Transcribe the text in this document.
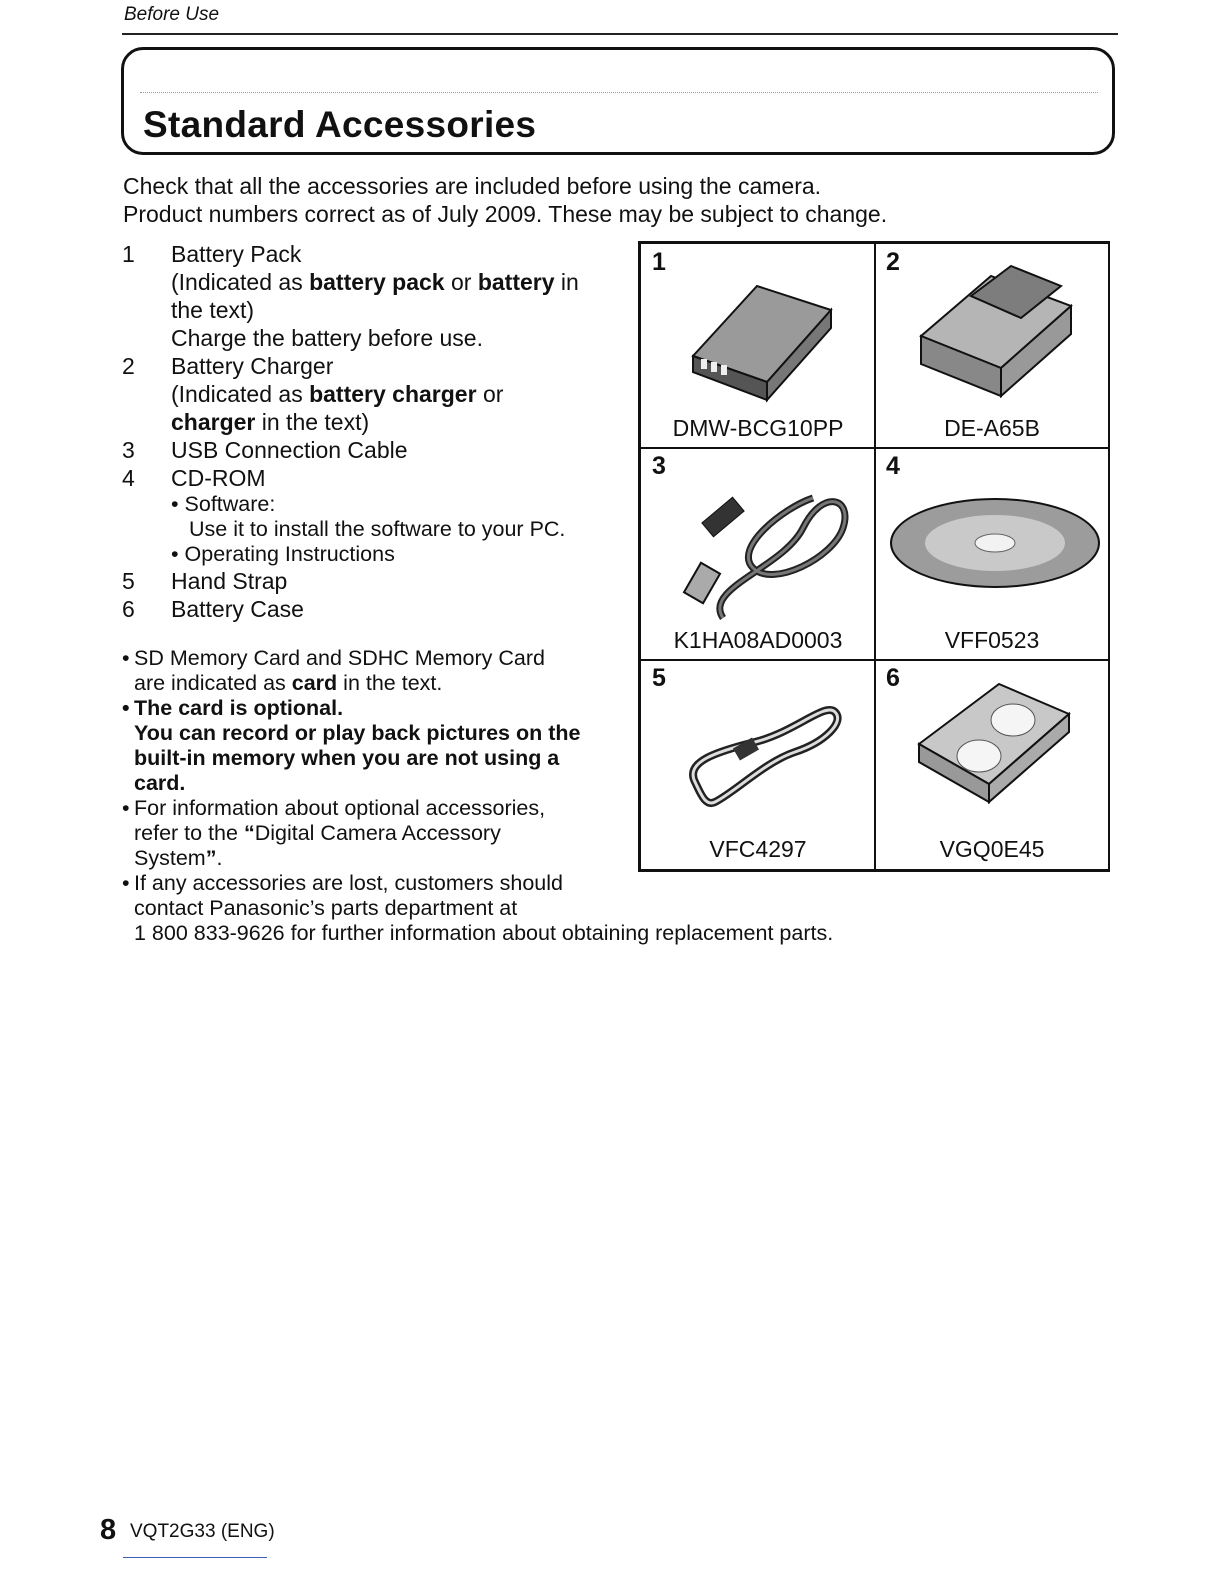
Before Use
Standard Accessories
Check that all the accessories are included before using the camera.
Product numbers correct as of July 2009. These may be subject to change.
1	Battery Pack
(Indicated as battery pack or battery in
the text)
Charge the battery before use.
2	Battery Charger
(Indicated as battery charger or
charger in the text)
3	USB Connection Cable
4	CD-ROM
• Software:
Use it to install the software to your PC.
• Operating Instructions
5	Hand Strap
6	Battery Case
• SD Memory Card and SDHC Memory Card
are indicated as card in the text.
• The card is optional.
You can record or play back pictures on the
built-in memory when you are not using a
card.
• For information about optional accessories,
refer to the “Digital Camera Accessory
System”.
• If any accessories are lost, customers should
contact Panasonic’s parts department at
1 800 833-9626 for further information about obtaining replacement parts.
1
DMW-BCG10PP
2
DE-A65B
3
K1HA08AD0003
4
VFF0523
5
VFC4297
6
VGQ0E45
8 VQT2G33 (ENG)
